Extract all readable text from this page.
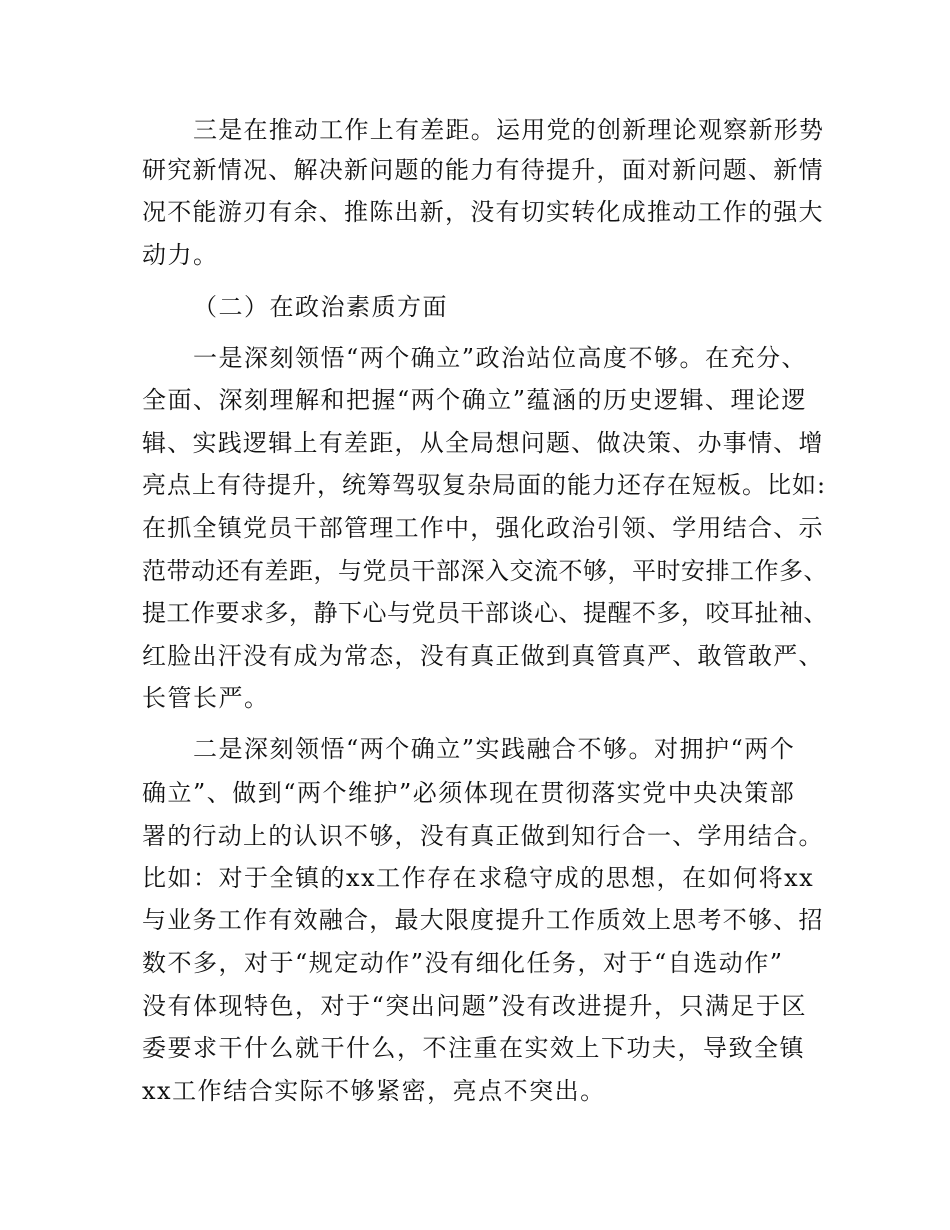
三是在推动工作上有差距。运用党的创新理论观察新形势
研究新情况、解决新问题的能力有待提升，面对新问题、新情
况不能游刃有余、推陈出新，没有切实转化成推动工作的强大
动力。
（二）在政治素质方面
一是深刻领悟“两个确立”政治站位高度不够。在充分、
全面、深刻理解和把握“两个确立”蕴涵的历史逻辑、理论逻
辑、实践逻辑上有差距，从全局想问题、做决策、办事情、增
亮点上有待提升，统筹驾驭复杂局面的能力还存在短板。比如:
在抓全镇党员干部管理工作中，强化政治引领、学用结合、示
范带动还有差距，与党员干部深入交流不够，平时安排工作多、
提工作要求多，静下心与党员干部谈心、提醒不多，咬耳扯袖、
红脸出汗没有成为常态，没有真正做到真管真严、敢管敢严、
长管长严。
二是深刻领悟“两个确立”实践融合不够。对拥护“两个
确立”、做到“两个维护”必须体现在贯彻落实党中央决策部
署的行动上的认识不够，没有真正做到知行合一、学用结合。
比如：对于全镇的xx工作存在求稳守成的思想，在如何将xx
与业务工作有效融合，最大限度提升工作质效上思考不够、招
数不多，对于“规定动作”没有细化任务，对于“自选动作”
没有体现特色，对于“突出问题”没有改进提升，只满足于区
委要求干什么就干什么，不注重在实效上下功夫，导致全镇
xx工作结合实际不够紧密，亮点不突出。
